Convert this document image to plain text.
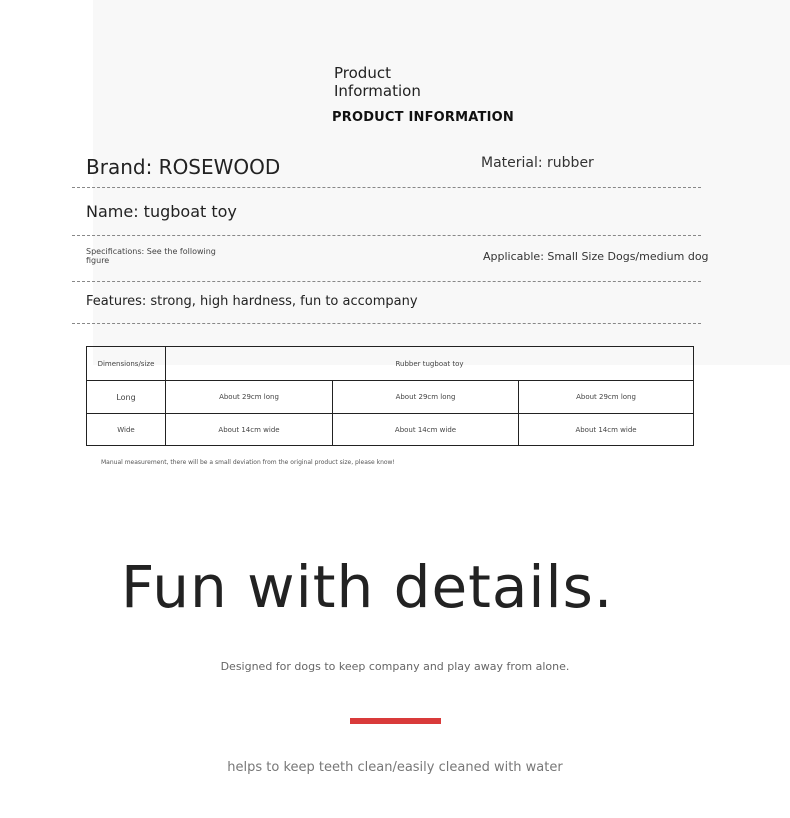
Product Information
PRODUCT INFORMATION
Brand: ROSEWOOD	Material: rubber
Name: tugboat toy
Specifications: See the following figure	Applicable: Small Size Dogs/medium dog
Features: strong, high hardness, fun to accompany
Dimensions/size	Rubber tugboat toy		
Long	About 29cm long	About 29cm long	About 29cm long
Wide	About 14cm wide	About 14cm wide	About 14cm wide
Manual measurement, there will be a small deviation from the original product size, please know!
Fun with details.
Designed for dogs to keep company and play away from alone.
helps to keep teeth clean/easily cleaned with water
